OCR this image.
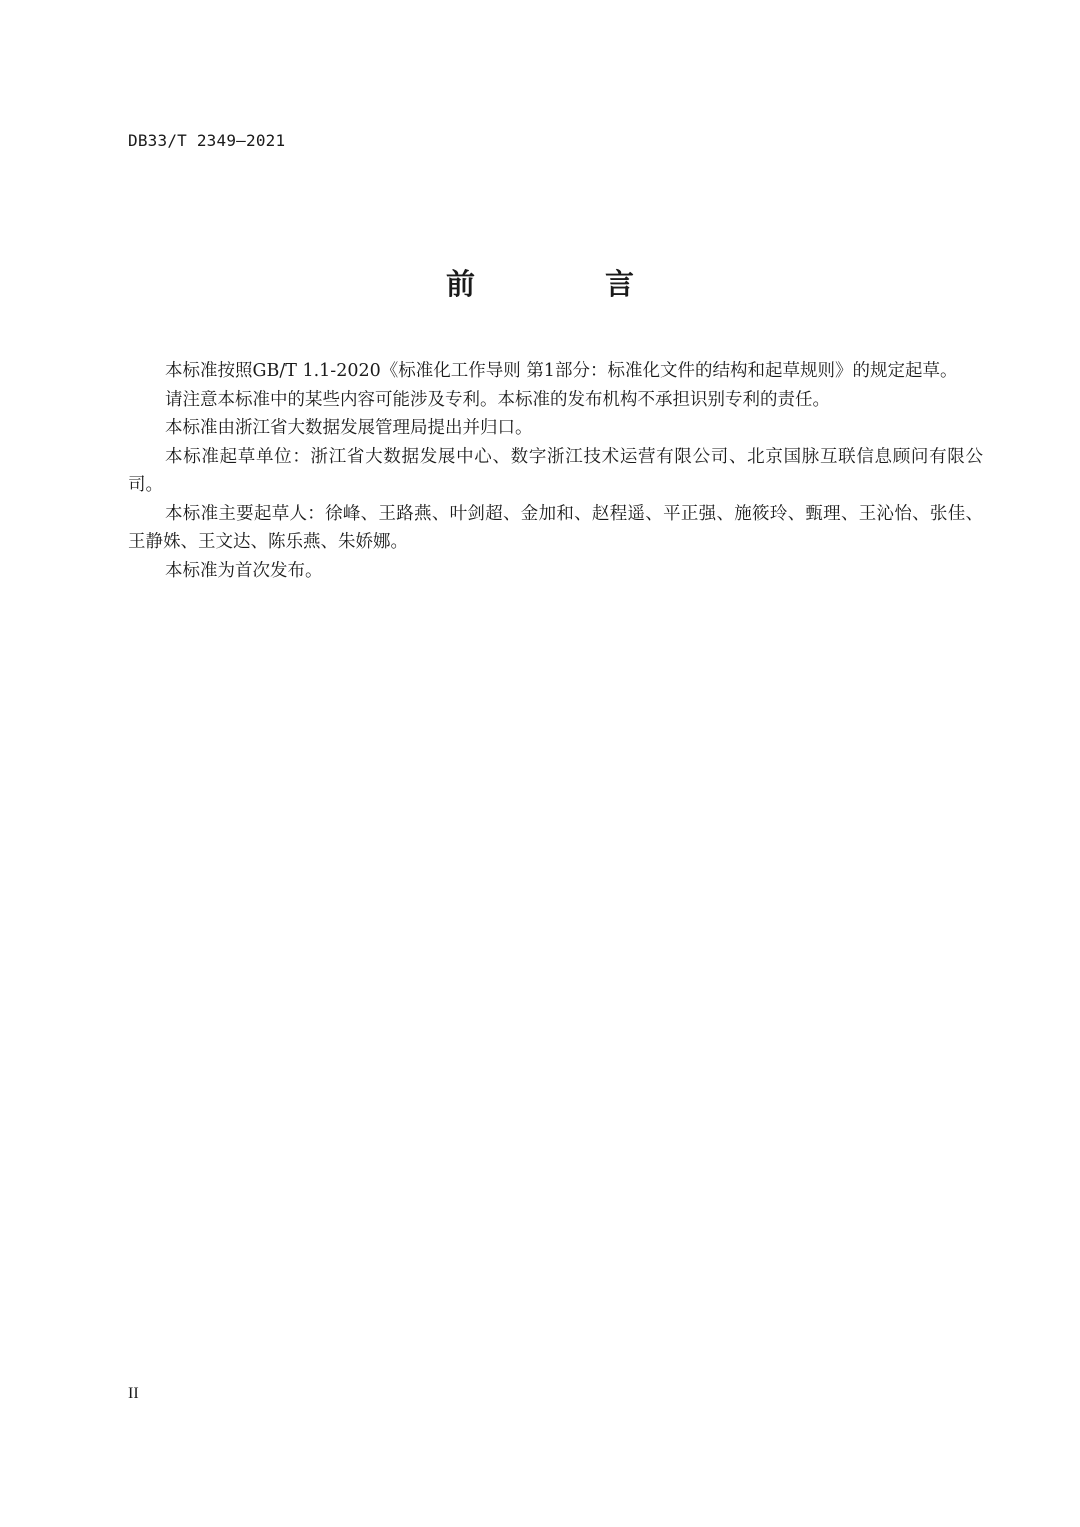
DB33/T 2349—2021
前 言

本标准按照GB/T 1.1-2020《标准化工作导则 第1部分：标准化文件的结构和起草规则》的规定起草。

请注意本标准中的某些内容可能涉及专利。本标准的发布机构不承担识别专利的责任。

本标准由浙江省大数据发展管理局提出并归口。

本标准起草单位：浙江省大数据发展中心、数字浙江技术运营有限公司、北京国脉互联信息顾问有限公司。

本标准主要起草人：徐峰、王路燕、叶剑超、金加和、赵程遥、平正强、施筱玲、甄理、王沁怡、张佳、王静姝、王文达、陈乐燕、朱娇娜。

本标准为首次发布。

II
